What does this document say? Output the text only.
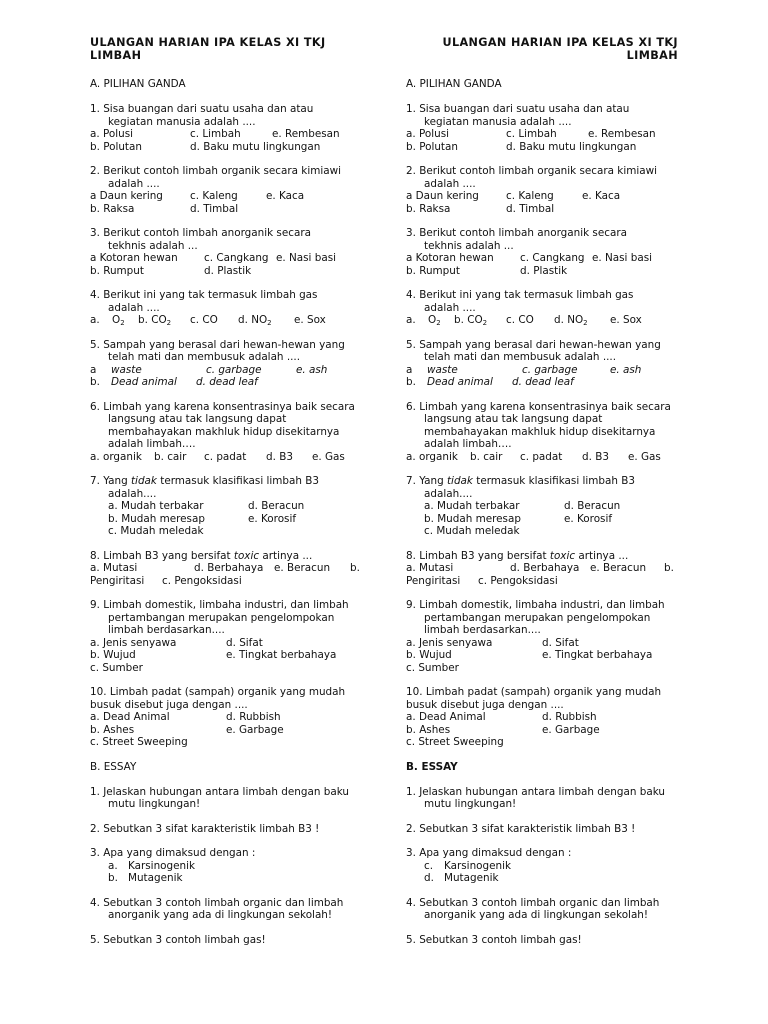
ULANGAN HARIAN IPA KELAS XI TKJ
LIMBAH
A. PILIHAN GANDA
1. Sisa buangan dari suatu usaha dan atau
kegiatan manusia adalah ....
a. Polusi	c. Limbah	e. Rembesan
b. Polutan	d. Baku mutu lingkungan
2. Berikut contoh limbah organik secara kimiawi
adalah ....
a Daun kering	c. Kaleng	e. Kaca
b. Raksa	d. Timbal
3. Berikut contoh limbah anorganik secara
tekhnis adalah ...
a Kotoran hewan	c. Cangkang e. Nasi basi
b. Rumput	d. Plastik
4. Berikut ini yang tak termasuk limbah gas
adalah ....
a. $O_2$ b. $CO_2$ c. CO d. $NO_2$ e. Sox
5. Sampah yang berasal dari hewan-hewan yang
telah mati dan membusuk adalah ....
a waste	c. garbage	e. ash
b. Dead animal d. dead leaf
6. Limbah yang karena konsentrasinya baik secara
langsung atau tak langsung dapat
membahayakan makhluk hidup disekitarnya
adalah limbah….
a. organik b. cair c. padat d. B3 e. Gas
7. Yang tidak termasuk klasifikasi limbah B3
adalah....
a. Mudah terbakar	d. Beracun
b. Mudah meresap	e. Korosif
c. Mudah meledak
8. Limbah B3 yang bersifat toxic artinya ...
a. Mutasi	d. Berbahaya e. Beracun b.
Pengiritasi c. Pengoksidasi
9. Limbah domestik, limbaha industri, dan limbah
pertambangan merupakan pengelompokan
limbah berdasarkan....
a. Jenis senyawa	d. Sifat
b. Wujud	e. Tingkat berbahaya
c. Sumber
10. Limbah padat (sampah) organik yang mudah
busuk disebut juga dengan ....
a. Dead Animal	d. Rubbish
b. Ashes	e. Garbage
c. Street Sweeping
B. ESSAY
1. Jelaskan hubungan antara limbah dengan baku
mutu lingkungan!
2. Sebutkan 3 sifat karakteristik limbah B3 !
3. Apa yang dimaksud dengan :
a. Karsinogenik
b. Mutagenik
4. Sebutkan 3 contoh limbah organic dan limbah
anorganik yang ada di lingkungan sekolah!
5. Sebutkan 3 contoh limbah gas!
ULANGAN HARIAN IPA KELAS XI TKJ
LIMBAH
A. PILIHAN GANDA
1. Sisa buangan dari suatu usaha dan atau
kegiatan manusia adalah ....
a. Polusi	c. Limbah	e. Rembesan
b. Polutan	d. Baku mutu lingkungan
2. Berikut contoh limbah organik secara kimiawi
adalah ....
a Daun kering	c. Kaleng	e. Kaca
b. Raksa	d. Timbal
3. Berikut contoh limbah anorganik secara
tekhnis adalah ...
a Kotoran hewan	c. Cangkang e. Nasi basi
b. Rumput	d. Plastik
4. Berikut ini yang tak termasuk limbah gas
adalah ....
a. $O_2$ b. $CO_2$ c. CO d. $NO_2$ e. Sox
5. Sampah yang berasal dari hewan-hewan yang
telah mati dan membusuk adalah ....
a waste	c. garbage	e. ash
b. Dead animal d. dead leaf
6. Limbah yang karena konsentrasinya baik secara
langsung atau tak langsung dapat
membahayakan makhluk hidup disekitarnya
adalah limbah….
a. organik b. cair c. padat d. B3 e. Gas
7. Yang tidak termasuk klasifikasi limbah B3
adalah....
a. Mudah terbakar	d. Beracun
b. Mudah meresap	e. Korosif
c. Mudah meledak
8. Limbah B3 yang bersifat toxic artinya ...
a. Mutasi	d. Berbahaya e. Beracun b.
Pengiritasi c. Pengoksidasi
9. Limbah domestik, limbaha industri, dan limbah
pertambangan merupakan pengelompokan
limbah berdasarkan....
a. Jenis senyawa	d. Sifat
b. Wujud	e. Tingkat berbahaya
c. Sumber
10. Limbah padat (sampah) organik yang mudah
busuk disebut juga dengan ....
a. Dead Animal	d. Rubbish
b. Ashes	e. Garbage
c. Street Sweeping
B. ESSAY
1. Jelaskan hubungan antara limbah dengan baku
mutu lingkungan!
2. Sebutkan 3 sifat karakteristik limbah B3 !
3. Apa yang dimaksud dengan :
c. Karsinogenik
d. Mutagenik
4. Sebutkan 3 contoh limbah organic dan limbah
anorganik yang ada di lingkungan sekolah!
5. Sebutkan 3 contoh limbah gas!
